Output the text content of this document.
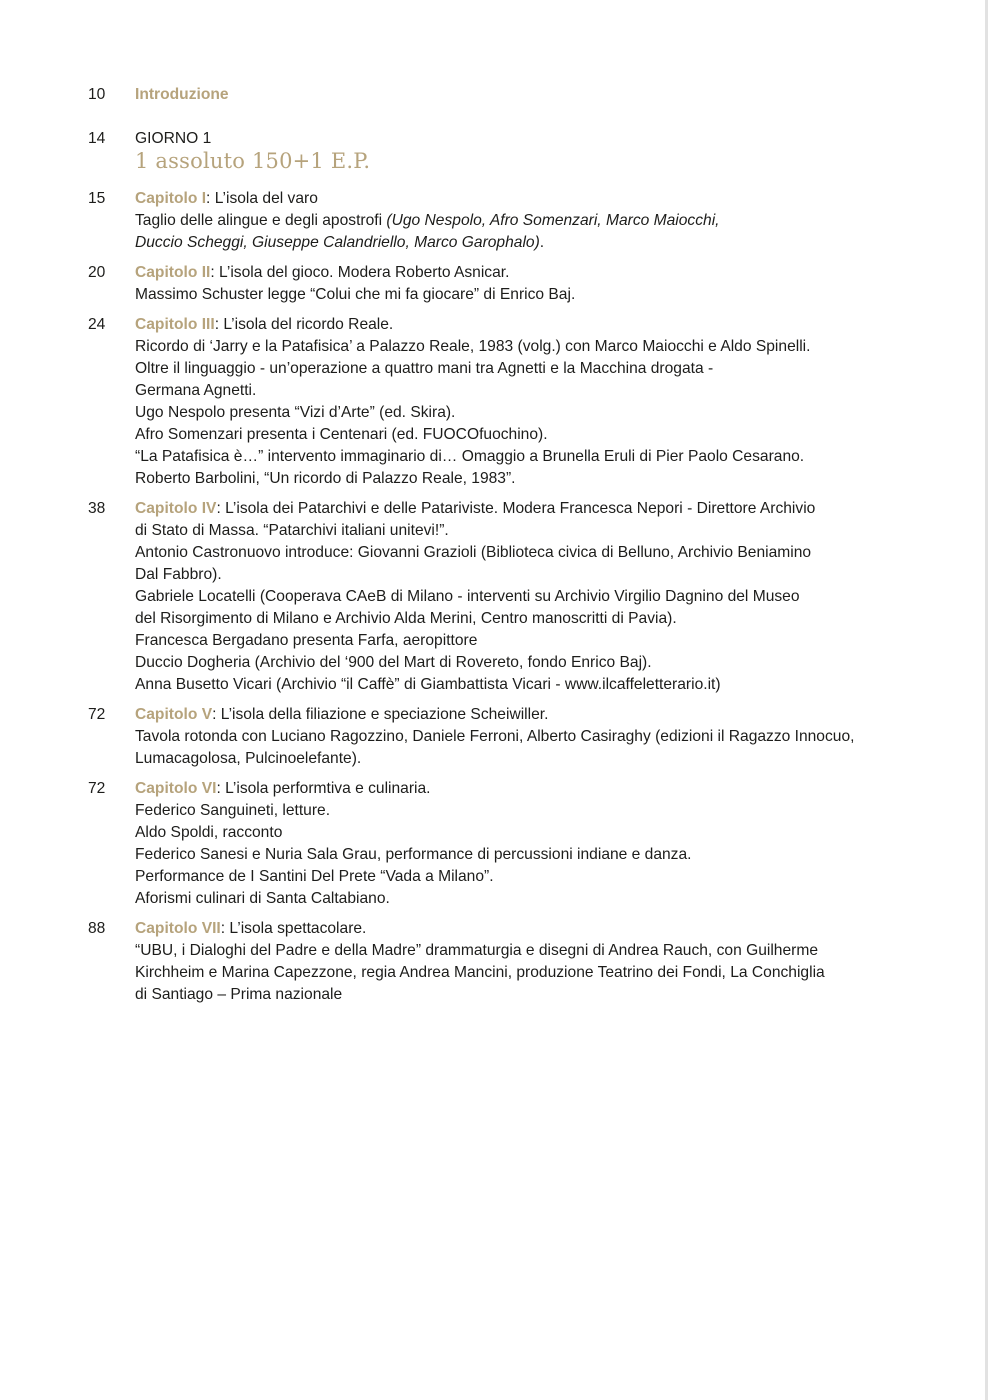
10	Introduzione
14	GIORNO 1
1 assoluto 150+1 E.P.
15	Capitolo I: L’isola del varo
Taglio delle alingue e degli apostrofi (Ugo Nespolo, Afro Somenzari, Marco Maiocchi,
Duccio Scheggi, Giuseppe Calandriello, Marco Garophalo).
20	Capitolo II: L’isola del gioco. Modera Roberto Asnicar.
Massimo Schuster legge “Colui che mi fa giocare” di Enrico Baj.
24	Capitolo III: L’isola del ricordo Reale.
Ricordo di ‘Jarry e la Patafisica’ a Palazzo Reale, 1983 (volg.) con Marco Maiocchi e Aldo Spinelli.
Oltre il linguaggio - un’operazione a quattro mani tra Agnetti e la Macchina drogata -
Germana Agnetti.
Ugo Nespolo presenta “Vizi d’Arte” (ed. Skira).
Afro Somenzari presenta i Centenari (ed. FUOCOfuochino).
“La Patafisica è…” intervento immaginario di… Omaggio a Brunella Eruli di Pier Paolo Cesarano.
Roberto Barbolini, “Un ricordo di Palazzo Reale, 1983”.
38	Capitolo IV: L’isola dei Patarchivi e delle Patariviste. Modera Francesca Nepori - Direttore Archivio
di Stato di Massa. “Patarchivi italiani unitevi!”.
Antonio Castronuovo introduce: Giovanni Grazioli (Biblioteca civica di Belluno, Archivio Beniamino
Dal Fabbro).
Gabriele Locatelli (Cooperava CAeB di Milano - interventi su Archivio Virgilio Dagnino del Museo
del Risorgimento di Milano e Archivio Alda Merini, Centro manoscritti di Pavia).
Francesca Bergadano presenta Farfa, aeropittore
Duccio Dogheria (Archivio del ‘900 del Mart di Rovereto, fondo Enrico Baj).
Anna Busetto Vicari (Archivio “il Caffè” di Giambattista Vicari - www.ilcaffeletterario.it)
72	Capitolo V: L’isola della filiazione e speciazione Scheiwiller.
Tavola rotonda con Luciano Ragozzino, Daniele Ferroni, Alberto Casiraghy (edizioni il Ragazzo Innocuo,
Lumacagolosa, Pulcinoelefante).
72	Capitolo VI: L’isola performtiva e culinaria.
Federico Sanguineti, letture.
Aldo Spoldi, racconto
Federico Sanesi e Nuria Sala Grau, performance di percussioni indiane e danza.
Performance de I Santini Del Prete “Vada a Milano”.
Aforismi culinari di Santa Caltabiano.
88	Capitolo VII: L’isola spettacolare.
“UBU, i Dialoghi del Padre e della Madre” drammaturgia e disegni di Andrea Rauch, con Guilherme
Kirchheim e Marina Capezzone, regia Andrea Mancini, produzione Teatrino dei Fondi, La Conchiglia
di Santiago – Prima nazionale
